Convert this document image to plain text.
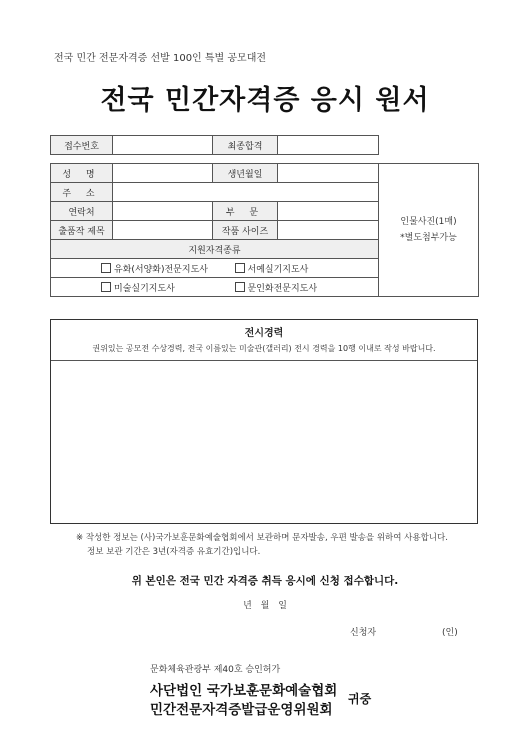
전국 민간 전문자격증 선발 100인 특별 공모대전
전국 민간자격증 응시 원서
접수번호		최종합격	
성 명		생년월일		인물사진(1매)
*별도첨부가능

주 소				
연락처		부 문		
출품작 제목		작품 사이즈		
지원자격종류				
유화(서양화)전문지도사		서예실기지도사		
미술실기지도사		문인화전문지도사		
전시경력
권위있는 공모전 수상경력, 전국 이름있는 미술관(갤러리) 전시 경력을 10행 이내로 작성 바랍니다.
※ 작성한 정보는 (사)국가보훈문화예술협회에서 보관하며 문자발송, 우편 발송을 위하여 사용합니다.
정보 보관 기간은 3년(자격증 유효기간)입니다.
위 본인은 전국 민간 자격증 취득 응시에 신청 접수합니다.
년 월 일
신청자	(인)
문화체육관광부 제40호 승인허가
사단법인 국가보훈문화예술협회
민간전문자격증발급운영위원회
귀중
